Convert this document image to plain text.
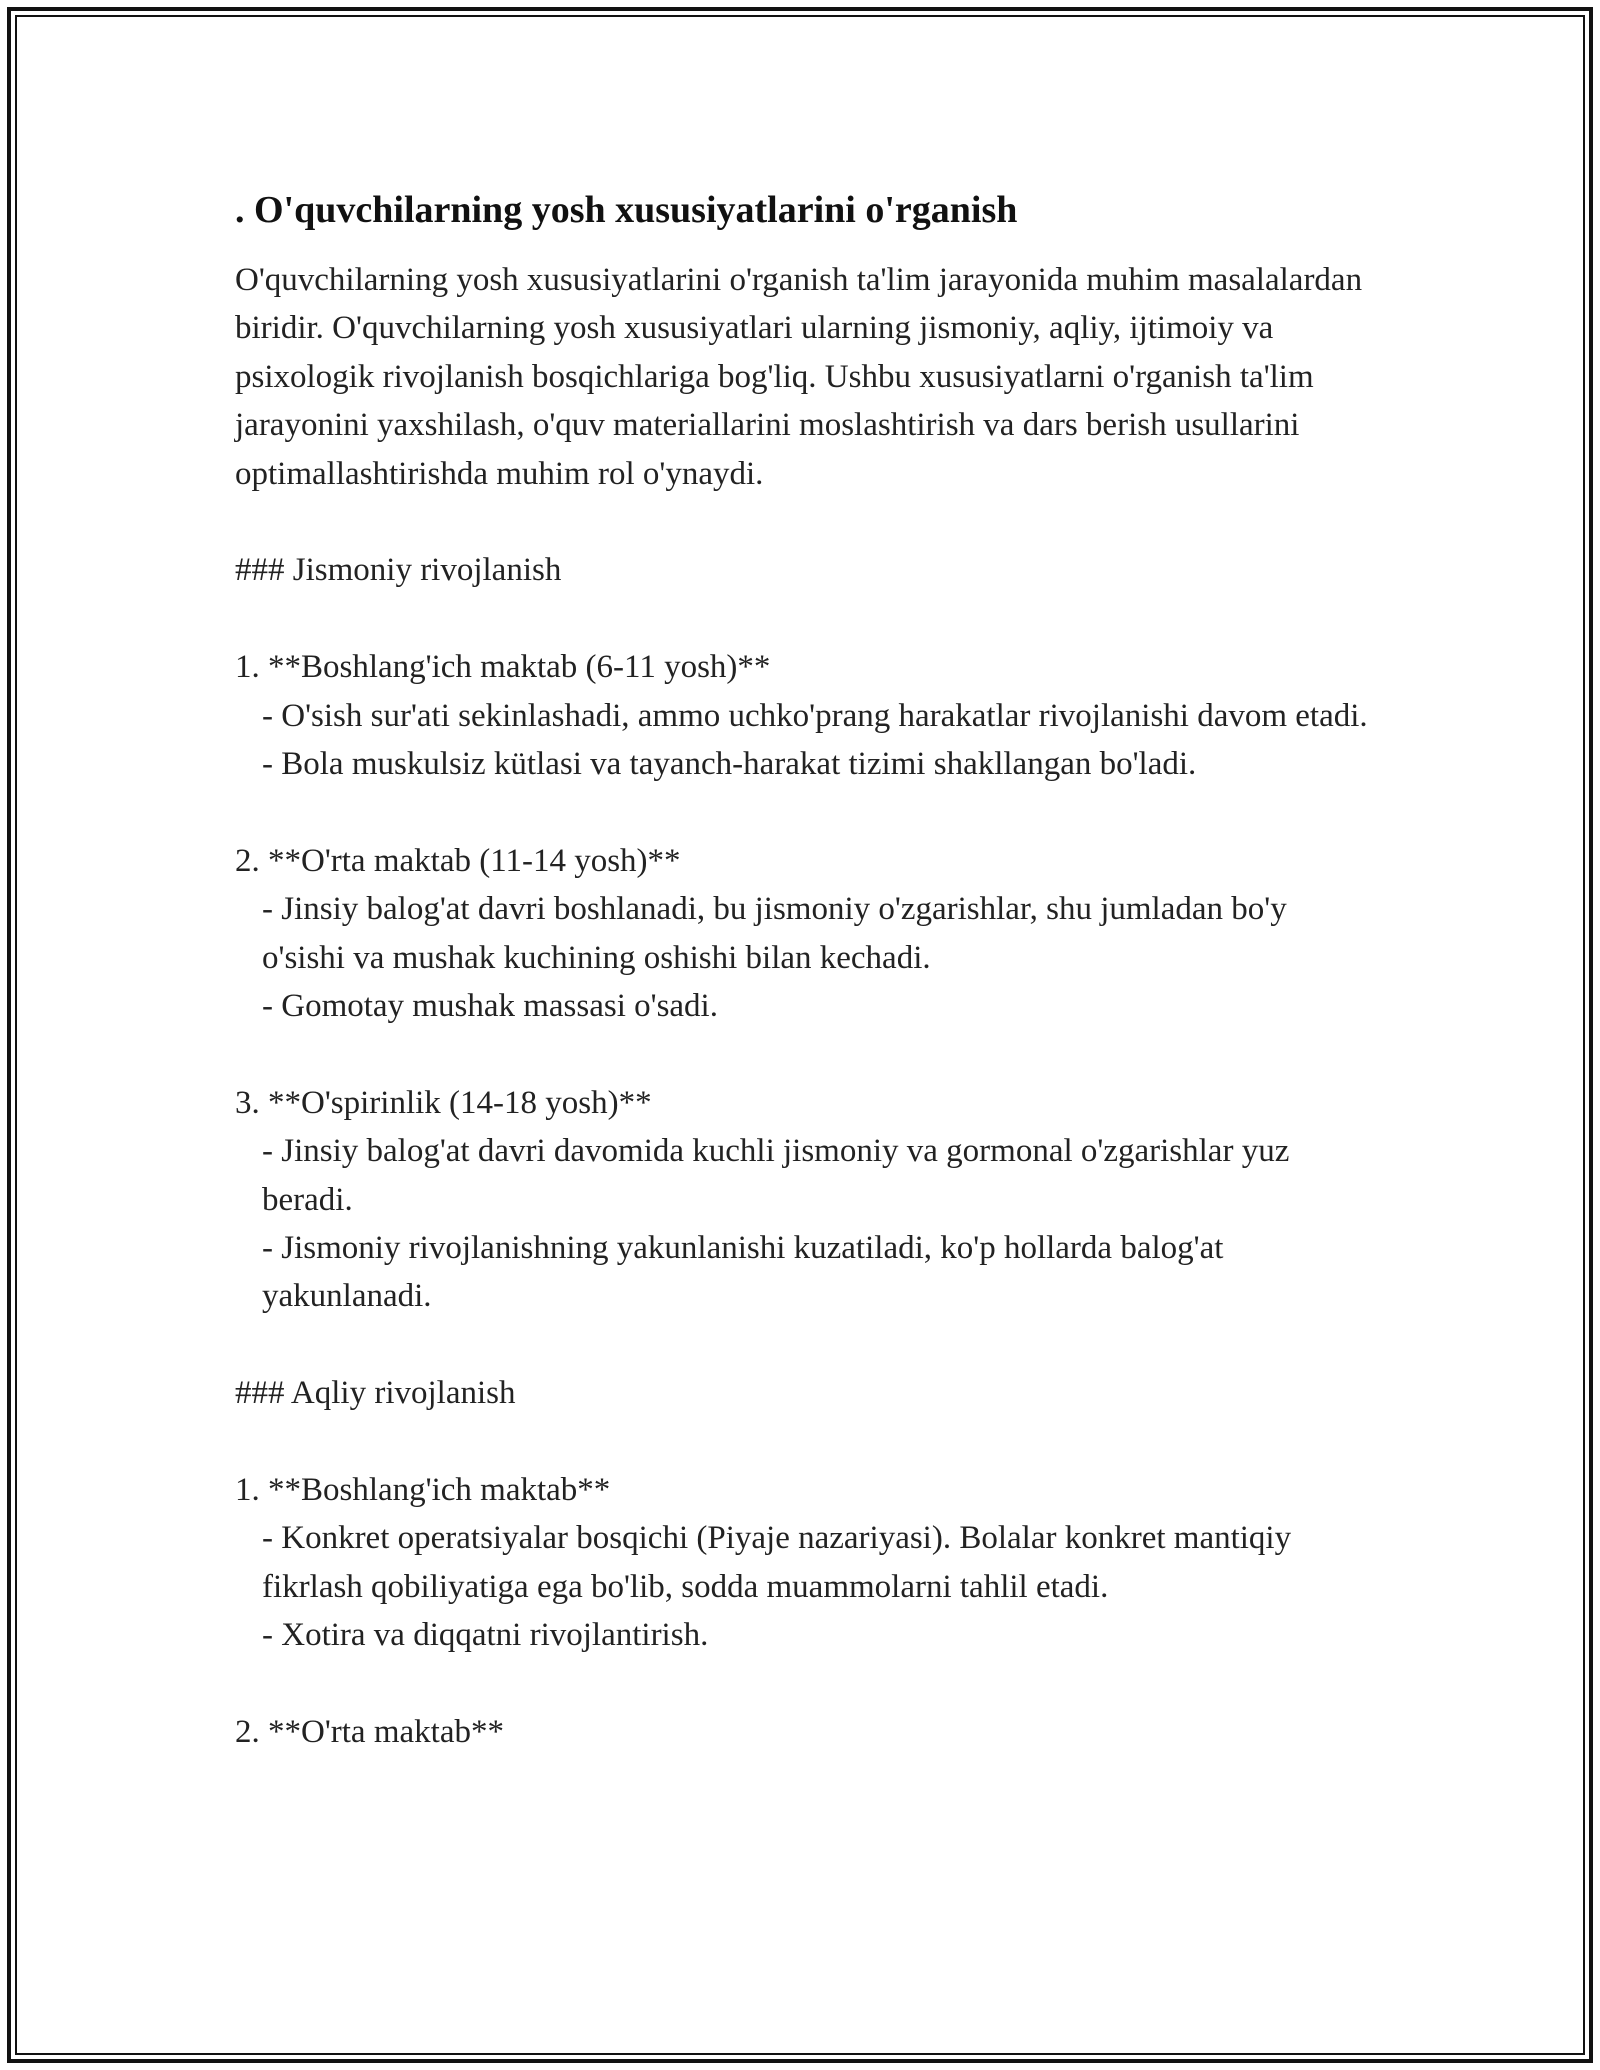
. O'quvchilarning yosh xususiyatlarini o'rganish

O'quvchilarning yosh xususiyatlarini o'rganish ta'lim jarayonida muhim masalalardan biridir. O'quvchilarning yosh xususiyatlari ularning jismoniy, aqliy, ijtimoiy va psixologik rivojlanish bosqichlariga bog'liq. Ushbu xususiyatlarni o'rganish ta'lim jarayonini yaxshilash, o'quv materiallarini moslashtirish va dars berish usullarini optimallashtirishda muhim rol o'ynaydi.

### Jismoniy rivojlanish

1. **Boshlang'ich maktab (6-11 yosh)**

- O'sish sur'ati sekinlashadi, ammo uchko'prang harakatlar rivojlanishi davom etadi.

- Bola muskulsiz kütlasi va tayanch-harakat tizimi shakllangan bo'ladi.

2. **O'rta maktab (11-14 yosh)**

- Jinsiy balog'at davri boshlanadi, bu jismoniy o'zgarishlar, shu jumladan bo'y o'sishi va mushak kuchining oshishi bilan kechadi.

- Gomotay mushak massasi o'sadi.

3. **O'spirinlik (14-18 yosh)**

- Jinsiy balog'at davri davomida kuchli jismoniy va gormonal o'zgarishlar yuz beradi.

- Jismoniy rivojlanishning yakunlanishi kuzatiladi, ko'p hollarda balog'at yakunlanadi.

### Aqliy rivojlanish

1. **Boshlang'ich maktab**

- Konkret operatsiyalar bosqichi (Piyaje nazariyasi). Bolalar konkret mantiqiy fikrlash qobiliyatiga ega bo'lib, sodda muammolarni tahlil etadi.

- Xotira va diqqatni rivojlantirish.

2. **O'rta maktab**
